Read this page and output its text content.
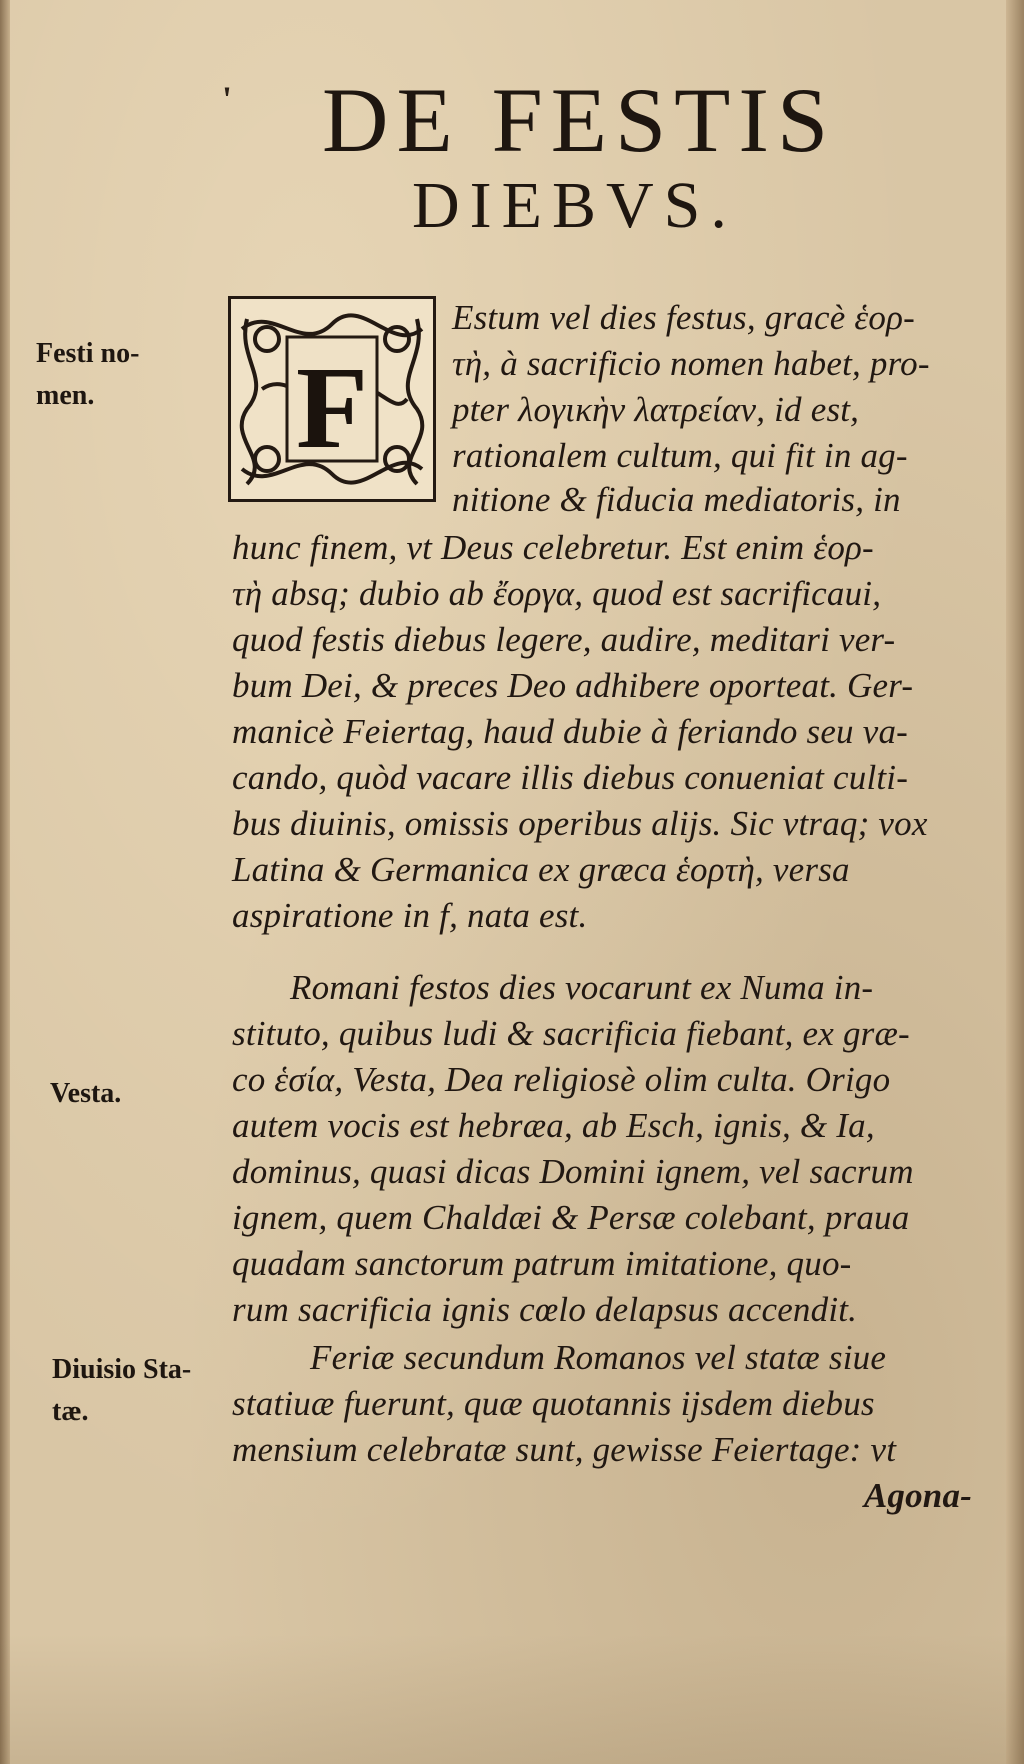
' DE FESTIS
DIEBVS.
Festi no-
men.
Vesta.
Diuisio Sta-
tæ.
F
Estum vel dies festus, gracè ἑορ-
τὴ, à sacrificio nomen habet, pro-
pter λογικὴν λατρείαν, id est,
rationalem cultum, qui fit in ag-
nitione & fiducia mediatoris, in
hunc finem, vt Deus celebretur. Est enim ἑορ-
τὴ absq; dubio ab ἔοργα, quod est sacrificaui,
quod festis diebus legere, audire, meditari ver-
bum Dei, & preces Deo adhibere oporteat. Ger-
manicè Feiertag, haud dubie à feriando seu va-
cando, quòd vacare illis diebus conueniat culti-
bus diuinis, omissis operibus alijs. Sic vtraq; vox
Latina & Germanica ex græca ἑορτὴ, versa
aspiratione in f, nata est.
Romani festos dies vocarunt ex Numa in-
stituto, quibus ludi & sacrificia fiebant, ex græ-
co ἑσία, Vesta, Dea religiosè olim culta. Origo
autem vocis est hebræa, ab Esch, ignis, & Ia,
dominus, quasi dicas Domini ignem, vel sacrum
ignem, quem Chaldæi & Persæ colebant, praua
quadam sanctorum patrum imitatione, quo-
rum sacrificia ignis cœlo delapsus accendit.
Feriæ secundum Romanos vel statæ siue
statiuæ fuerunt, quæ quotannis ijsdem diebus
mensium celebratæ sunt, gewisse Feiertage: vt
Agona-
